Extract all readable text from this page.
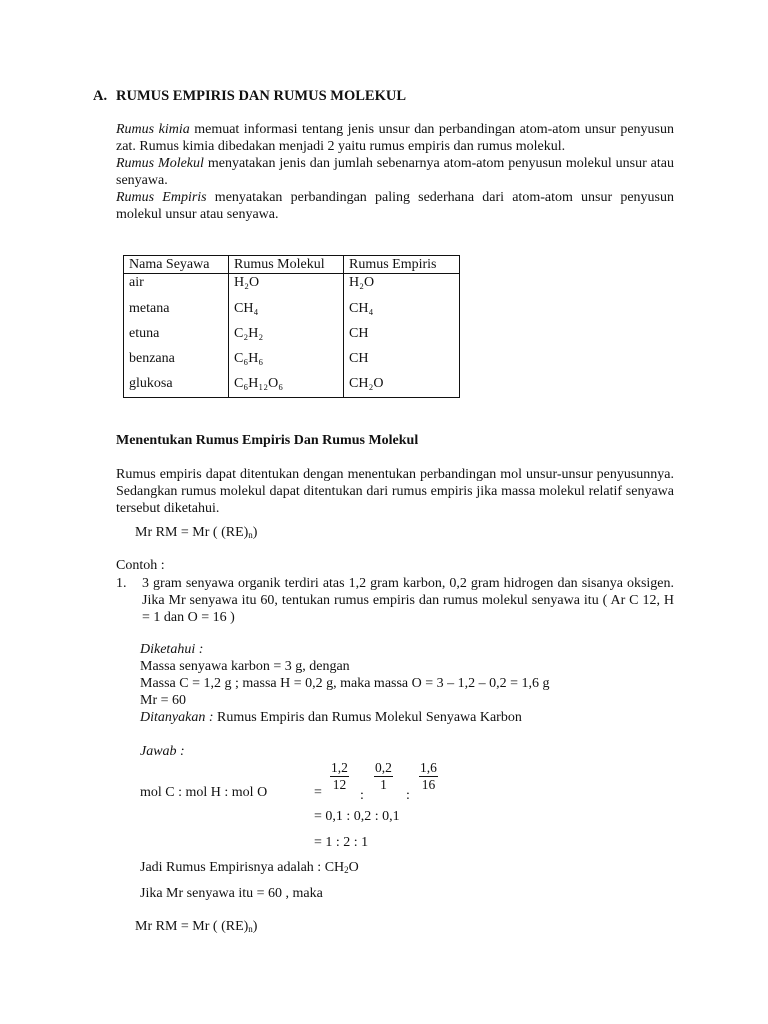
A. RUMUS EMPIRIS DAN RUMUS MOLEKUL

Rumus kimia memuat informasi tentang jenis unsur dan perbandingan atom-atom unsur penyusun zat. Rumus kimia dibedakan menjadi 2 yaitu rumus empiris dan rumus molekul.

Rumus Molekul menyatakan jenis dan jumlah sebenarnya atom-atom penyusun molekul unsur atau senyawa.

Rumus Empiris menyatakan perbandingan paling sederhana dari atom-atom unsur penyusun molekul unsur atau senyawa.

Nama Seyawa	Rumus Molekul	Rumus Empiris
air	H₂O	H₂O
metana	CH₄	CH₄
etuna	C₂H₂	CH
benzana	C₆H₆	CH
glukosa	C₆H₁₂O₆	CH₂O
Menentukan Rumus Empiris Dan Rumus Molekul

Rumus empiris dapat ditentukan dengan menentukan perbandingan mol unsur-unsur penyusunnya. Sedangkan rumus molekul dapat ditentukan dari rumus empiris jika massa molekul relatif senyawa tersebut diketahui.

Mr RM = Mr ( $(RE)_n$)
Contoh :
1. 3 gram senyawa organik terdiri atas 1,2 gram karbon, 0,2 gram hidrogen dan sisanya oksigen. Jika Mr senyawa itu 60, tentukan rumus empiris dan rumus molekul senyawa itu ( Ar C 12, H = 1 dan O = 16 )

Diketahui :
Massa senyawa karbon = 3 g, dengan
Massa C = 1,2 g ; massa H = 0,2 g, maka massa O = 3 – 1,2 – 0,2 = 1,6 g
Mr = 60
Ditanyakan : Rumus Empiris dan Rumus Molekul Senyawa Karbon
Jawab :
mol C : mol H : mol O	= $\frac{1,2}{12}$
:
$\frac{0,2}{1}$
:
$\frac{1,6}{16}$
= 0,1 : 0,2 : 0,1
= 1 : 2 : 1
Jadi Rumus Empirisnya adalah : $CH_2O$
Jika Mr senyawa itu = 60 , maka
Mr RM = Mr ( $(RE)_n$)
